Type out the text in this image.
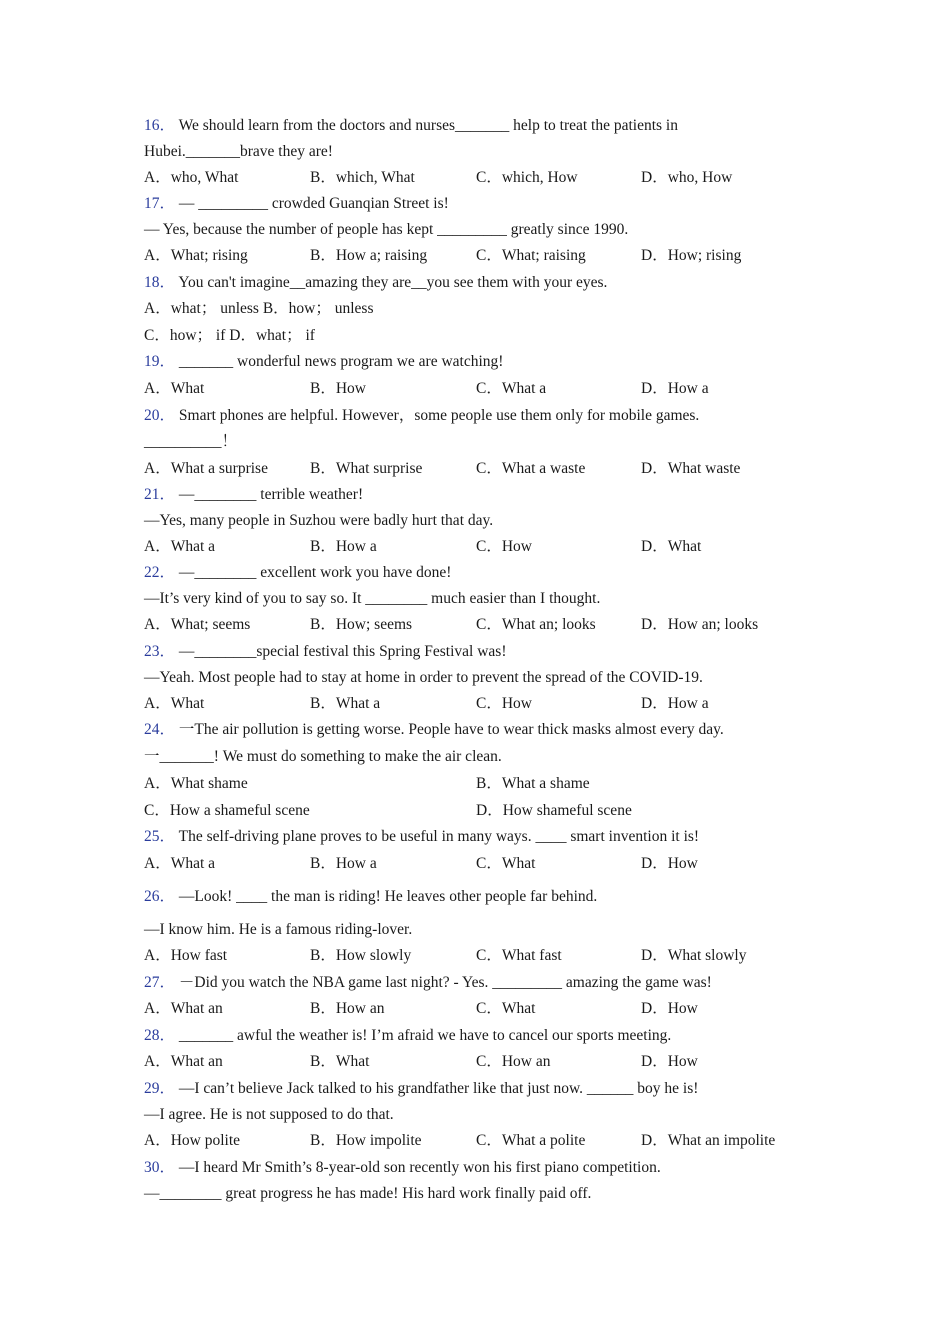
16． We should learn from the doctors and nurses_______ help to treat the patients in
Hubei._______brave they are!
A．who, What	B．which, What	C．which, How	D．who, How
17． — _________ crowded Guanqian Street is!
— Yes, because the number of people has kept _________ greatly since 1990.
A．What; rising	B．How a; raising	C．What; raising	D．How; rising
18． You can't imagine__amazing they are__you see them with your eyes.
A．what； unless B．how； unless
C．how； if D．what； if
19． _______ wonderful news program we are watching!
A．What	B．How	C．What a	D．How a
20． Smart phones are helpful. However，some people use them only for mobile games.
__________！
A．What a surprise	B．What surprise	C．What a waste	D．What waste
21． —________ terrible weather!
—Yes, many people in Suzhou were badly hurt that day.
A．What a	B．How a	C．How	D．What
22． —________ excellent work you have done!
—It’s very kind of you to say so. It ________ much easier than I thought.
A．What; seems	B．How; seems	C．What an; looks	D．How an; looks
23． —________special festival this Spring Festival was!
—Yeah. Most people had to stay at home in order to prevent the spread of the COVID-19.
A．What	B．What a	C．How	D．How a
24． 一The air pollution is getting worse. People have to wear thick masks almost every day.
一_______! We must do something to make the air clean.
A．What shame	B．What a shame
C．How a shameful scene	D．How shameful scene
25． The self-driving plane proves to be useful in many ways. ____ smart invention it is!
A．What a	B．How a	C．What	D．How
26． —Look! ____ the man is riding! He leaves other people far behind.
—I know him. He is a famous riding-lover.
A．How fast	B．How slowly	C．What fast	D．What slowly
27． －Did you watch the NBA game last night? - Yes. _________ amazing the game was!
A．What an	B．How an	C．What	D．How
28． _______ awful the weather is! I’m afraid we have to cancel our sports meeting.
A．What an	B．What	C．How an	D．How
29． —I can’t believe Jack talked to his grandfather like that just now. ______ boy he is!
—I agree. He is not supposed to do that.
A．How polite	B．How impolite	C．What a polite	D．What an impolite
30． —I heard Mr Smith’s 8-year-old son recently won his first piano competition.
—________ great progress he has made! His hard work finally paid off.
